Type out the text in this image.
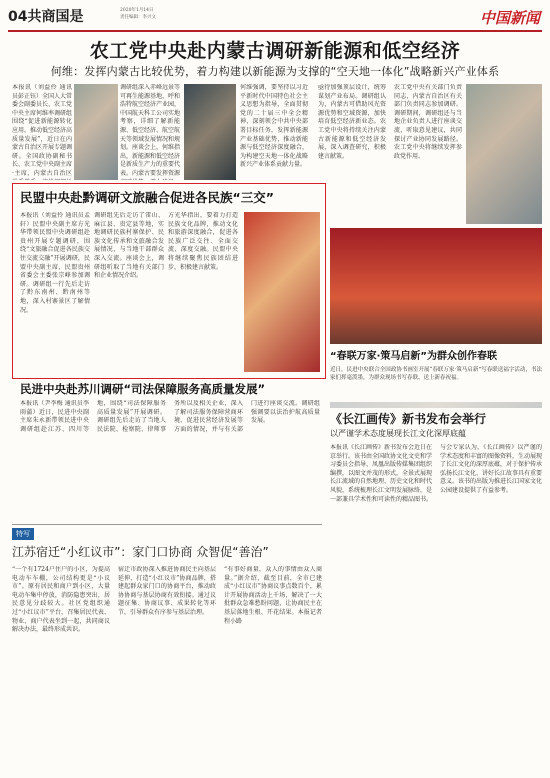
04共商国是	2020年1月14日
责任编辑：李兴文	中国新闻
农工党中央赴内蒙古调研新能源和低空经济
何维：发挥内蒙古比较优势，着力构建以新能源为支撑的“空天地一体化”战略新兴产业体系
本报讯（刘益伶 通讯员彭正钰）全国人大常委会副委员长、农工党中央主席何维率调研组围绕“促进新能源转化应用，推动低空经济高质量发展”，近日在内蒙古自治区开展专题调研。全国政协副秘书长、农工党中央副主席·主席，内蒙古自治区
调研组深入赤峰远景等可再生能源基地、呼和浩特航空经济产业园，中国航天科工公司实地考察，详细了解新能源、低空经济、航空航天等领域发展情况和规划。座谈会上，何维指出，新能源和低空经济是新质生产力的重要代表。内蒙古要发挥资源
何维强调，要坚持以习近平新时代中国特色社会主义思想为指导，全面贯彻党的二十届三中全会精神，深刻领会中共中央部署目标任务，发挥新能源产业基础优势，推动新能源与低空经济深度融合，为构建空天地一体化战略新兴产业体系贡献力量。
亟待加强顶层设计，统筹谋划产业布局。调研组认为，内蒙古可借助风光资源优势和空域资源，加快培育低空经济新业态。农工党中央将持续关注内蒙古新能源和低空经济发展，深入调查研究，积极建言献策。
农工党中央有关部门负责同志，内蒙古自治区有关部门负责同志参加调研。调研期间，调研组还与当地企业负责人进行座谈交流，听取意见建议，共同探讨产业协同发展路径。农工党中央将继续发挥参政党作用。
民盟中央赴黔调研文旅融合促进各民族“三交”
本报讯（刘益伶 通讯员孟轩）民盟中央副主席方光华带领民盟中央调研组赴贵州开展专题调研，围绕“文旅融合促进各民族交往交流交融”开展调研，民盟中央副主席、民盟贵州省委会主委张宗峰参加调研。调研组一行先后走访了黔东南州、黔南州等地，深入村寨景区了解情况。
调研组先后走访了雷山、麻江县、贵定县等地，实地调研民族村寨保护、民族文化传承和文旅融合发展情况，与当地干部群众深入交流。座谈会上，调研组听取了当地有关部门和企业情况介绍。
方光华指出，要着力打造民族文化品牌，推动文化和旅游深度融合，促进各民族广泛交往、全面交流、深度交融。民盟中央将继续聚焦民族团结进步，积极建言献策。
“春联万家·策马启新”为群众创作春联
近日，民进中央联合全国政协书画室开展“春联万家·策马启新”写春联送福字活动，书法家们挥毫泼墨，为群众现场书写春联、送上新春祝福。
民进中央赴苏川调研“司法保障服务高质量发展”
本报讯（尹李梅 通讯员李雨蒲）近日，民进中央副主席朱永新带领民进中央调研组赴江苏、四川等地，围绕“司法保障服务高质量发展”开展调研。调研组先后走访了当地人民法院、检察院、律师事务所以及相关企业，深入了解司法服务保障营商环境、促进民营经济发展等方面的情况，并与有关部门进行座谈交流。调研组强调要以法治护航高质量发展。	《长江画传》新书发布会举行
以严谨学术态度展现长江文化深厚底蕴
本报讯《长江画传》新书发布会近日在京举行。该书由全国政协文化文史和学习委员会指导、凤凰出版传媒集团组织编撰，以图文并茂的形式，全景式展现长江流域的自然地理、历史文化和时代风貌，系统梳理长江文明发展脉络，是一部兼具学术性和可读性的精品图书。
与会专家认为，《长江画传》以严谨的学术态度和丰富的图像资料，生动展现了长江文化的深厚底蕴，对于保护传承弘扬长江文化、讲好长江故事具有重要意义。该书的出版为推进长江国家文化公园建设提供了有益参考。
特写
江苏宿迁“小红议市”：家门口协商 众智促“善治”
“一个有1724户住户的小区，为提高电动车车棚，公司结构更是“小议市”。原有居民和商户到小区，大量电动车集中停放，消防隐患突出，居民意见分歧较大。社区党组织通过“小红议市”平台，召集居民代表、物业、商户代表坐到一起，共同商议解决办法，最终形成共识。
宿迁市政协深入推进协商民主向基层延伸，打造“小红议市”协商品牌，搭建起群众家门口的协商平台，推动政协协商与基层协商有效衔接。通过议题征集、协商议事、成果转化等环节，引导群众有序参与基层治理。
“有事好商量，众人的事情由众人商量。”据介绍，截至目前，全市已建成“小红议市”协商议事点数百个，累计开展协商活动上千场，解决了一大批群众急难愁盼问题，让协商民主在基层落地生根、开花结果。本报记者 程小路
